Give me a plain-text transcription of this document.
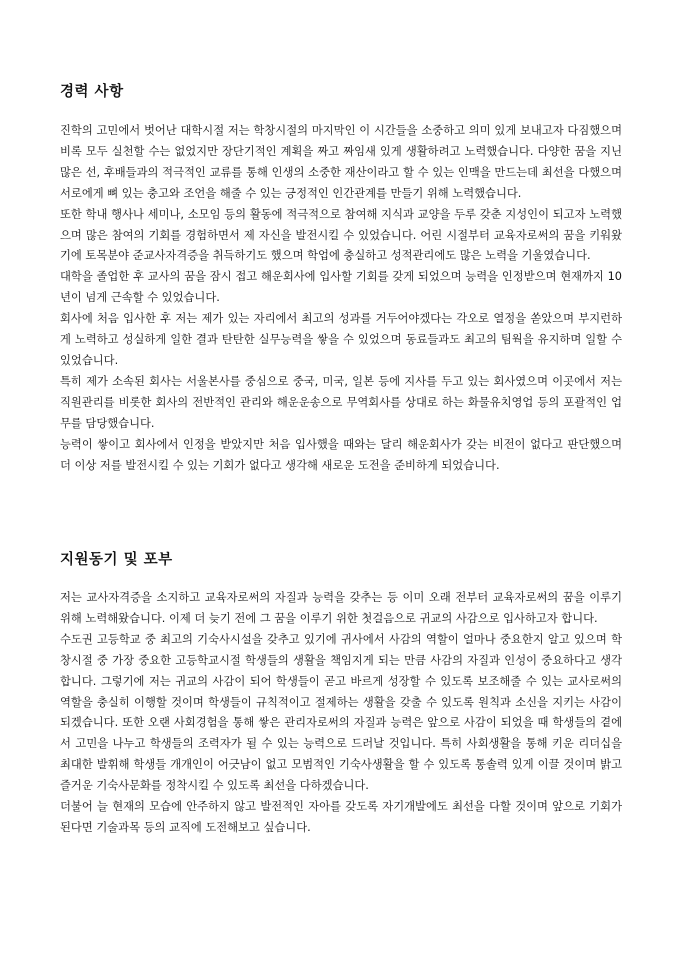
경력 사항

진학의 고민에서 벗어난 대학시절 저는 학창시절의 마지막인 이 시간들을 소중하고 의미 있게 보내고자 다짐했으며 비록 모두 실천할 수는 없었지만 장단기적인 계획을 짜고 짜임새 있게 생활하려고 노력했습니다. 다양한 꿈을 지닌 많은 선, 후배들과의 적극적인 교류를 통해 인생의 소중한 재산이라고 할 수 있는 인맥을 만드는데 최선을 다했으며 서로에게 뼈 있는 충고와 조언을 해줄 수 있는 긍정적인 인간관계를 만들기 위해 노력했습니다.

또한 학내 행사나 세미나, 소모임 등의 활동에 적극적으로 참여해 지식과 교양을 두루 갖춘 지성인이 되고자 노력했으며 많은 참여의 기회를 경험하면서 제 자신을 발전시킬 수 있었습니다. 어린 시절부터 교육자로써의 꿈을 키워왔기에 토목분야 준교사자격증을 취득하기도 했으며 학업에 충실하고 성적관리에도 많은 노력을 기울였습니다.

대학을 졸업한 후 교사의 꿈을 잠시 접고 해운회사에 입사할 기회를 갖게 되었으며 능력을 인정받으며 현재까지 10년이 넘게 근속할 수 있었습니다.

회사에 처음 입사한 후 저는 제가 있는 자리에서 최고의 성과를 거두어야겠다는 각오로 열정을 쏟았으며 부지런하게 노력하고 성실하게 일한 결과 탄탄한 실무능력을 쌓을 수 있었으며 동료들과도 최고의 팀웍을 유지하며 일할 수 있었습니다.

특히 제가 소속된 회사는 서울본사를 중심으로 중국, 미국, 일본 등에 지사를 두고 있는 회사였으며 이곳에서 저는 직원관리를 비롯한 회사의 전반적인 관리와 해운운송으로 무역회사를 상대로 하는 화물유치영업 등의 포괄적인 업무를 담당했습니다.

능력이 쌓이고 회사에서 인정을 받았지만 처음 입사했을 때와는 달리 해운회사가 갖는 비전이 없다고 판단했으며 더 이상 저를 발전시킬 수 있는 기회가 없다고 생각해 새로운 도전을 준비하게 되었습니다.

지원동기 및 포부

저는 교사자격증을 소지하고 교육자로써의 자질과 능력을 갖추는 등 이미 오래 전부터 교육자로써의 꿈을 이루기 위해 노력해왔습니다. 이제 더 늦기 전에 그 꿈을 이루기 위한 첫걸음으로 귀교의 사감으로 입사하고자 합니다.

수도권 고등학교 중 최고의 기숙사시설을 갖추고 있기에 귀사에서 사감의 역할이 얼마나 중요한지 알고 있으며 학창시절 중 가장 중요한 고등학교시절 학생들의 생활을 책임지게 되는 만큼 사감의 자질과 인성이 중요하다고 생각합니다. 그렇기에 저는 귀교의 사감이 되어 학생들이 곧고 바르게 성장할 수 있도록 보조해줄 수 있는 교사로써의 역할을 충실히 이행할 것이며 학생들이 규칙적이고 절제하는 생활을 갖출 수 있도록 원칙과 소신을 지키는 사감이 되겠습니다. 또한 오랜 사회경험을 통해 쌓은 관리자로써의 자질과 능력은 앞으로 사감이 되었을 때 학생들의 곁에서 고민을 나누고 학생들의 조력자가 될 수 있는 능력으로 드러날 것입니다. 특히 사회생활을 통해 키운 리더십을 최대한 발휘해 학생들 개개인이 어긋남이 없고 모범적인 기숙사생활을 할 수 있도록 통솔력 있게 이끌 것이며 밝고 즐거운 기숙사문화를 정착시킬 수 있도록 최선을 다하겠습니다.

더불어 늘 현재의 모습에 안주하지 않고 발전적인 자아를 갖도록 자기개발에도 최선을 다할 것이며 앞으로 기회가 된다면 기술과목 등의 교직에 도전해보고 싶습니다.
